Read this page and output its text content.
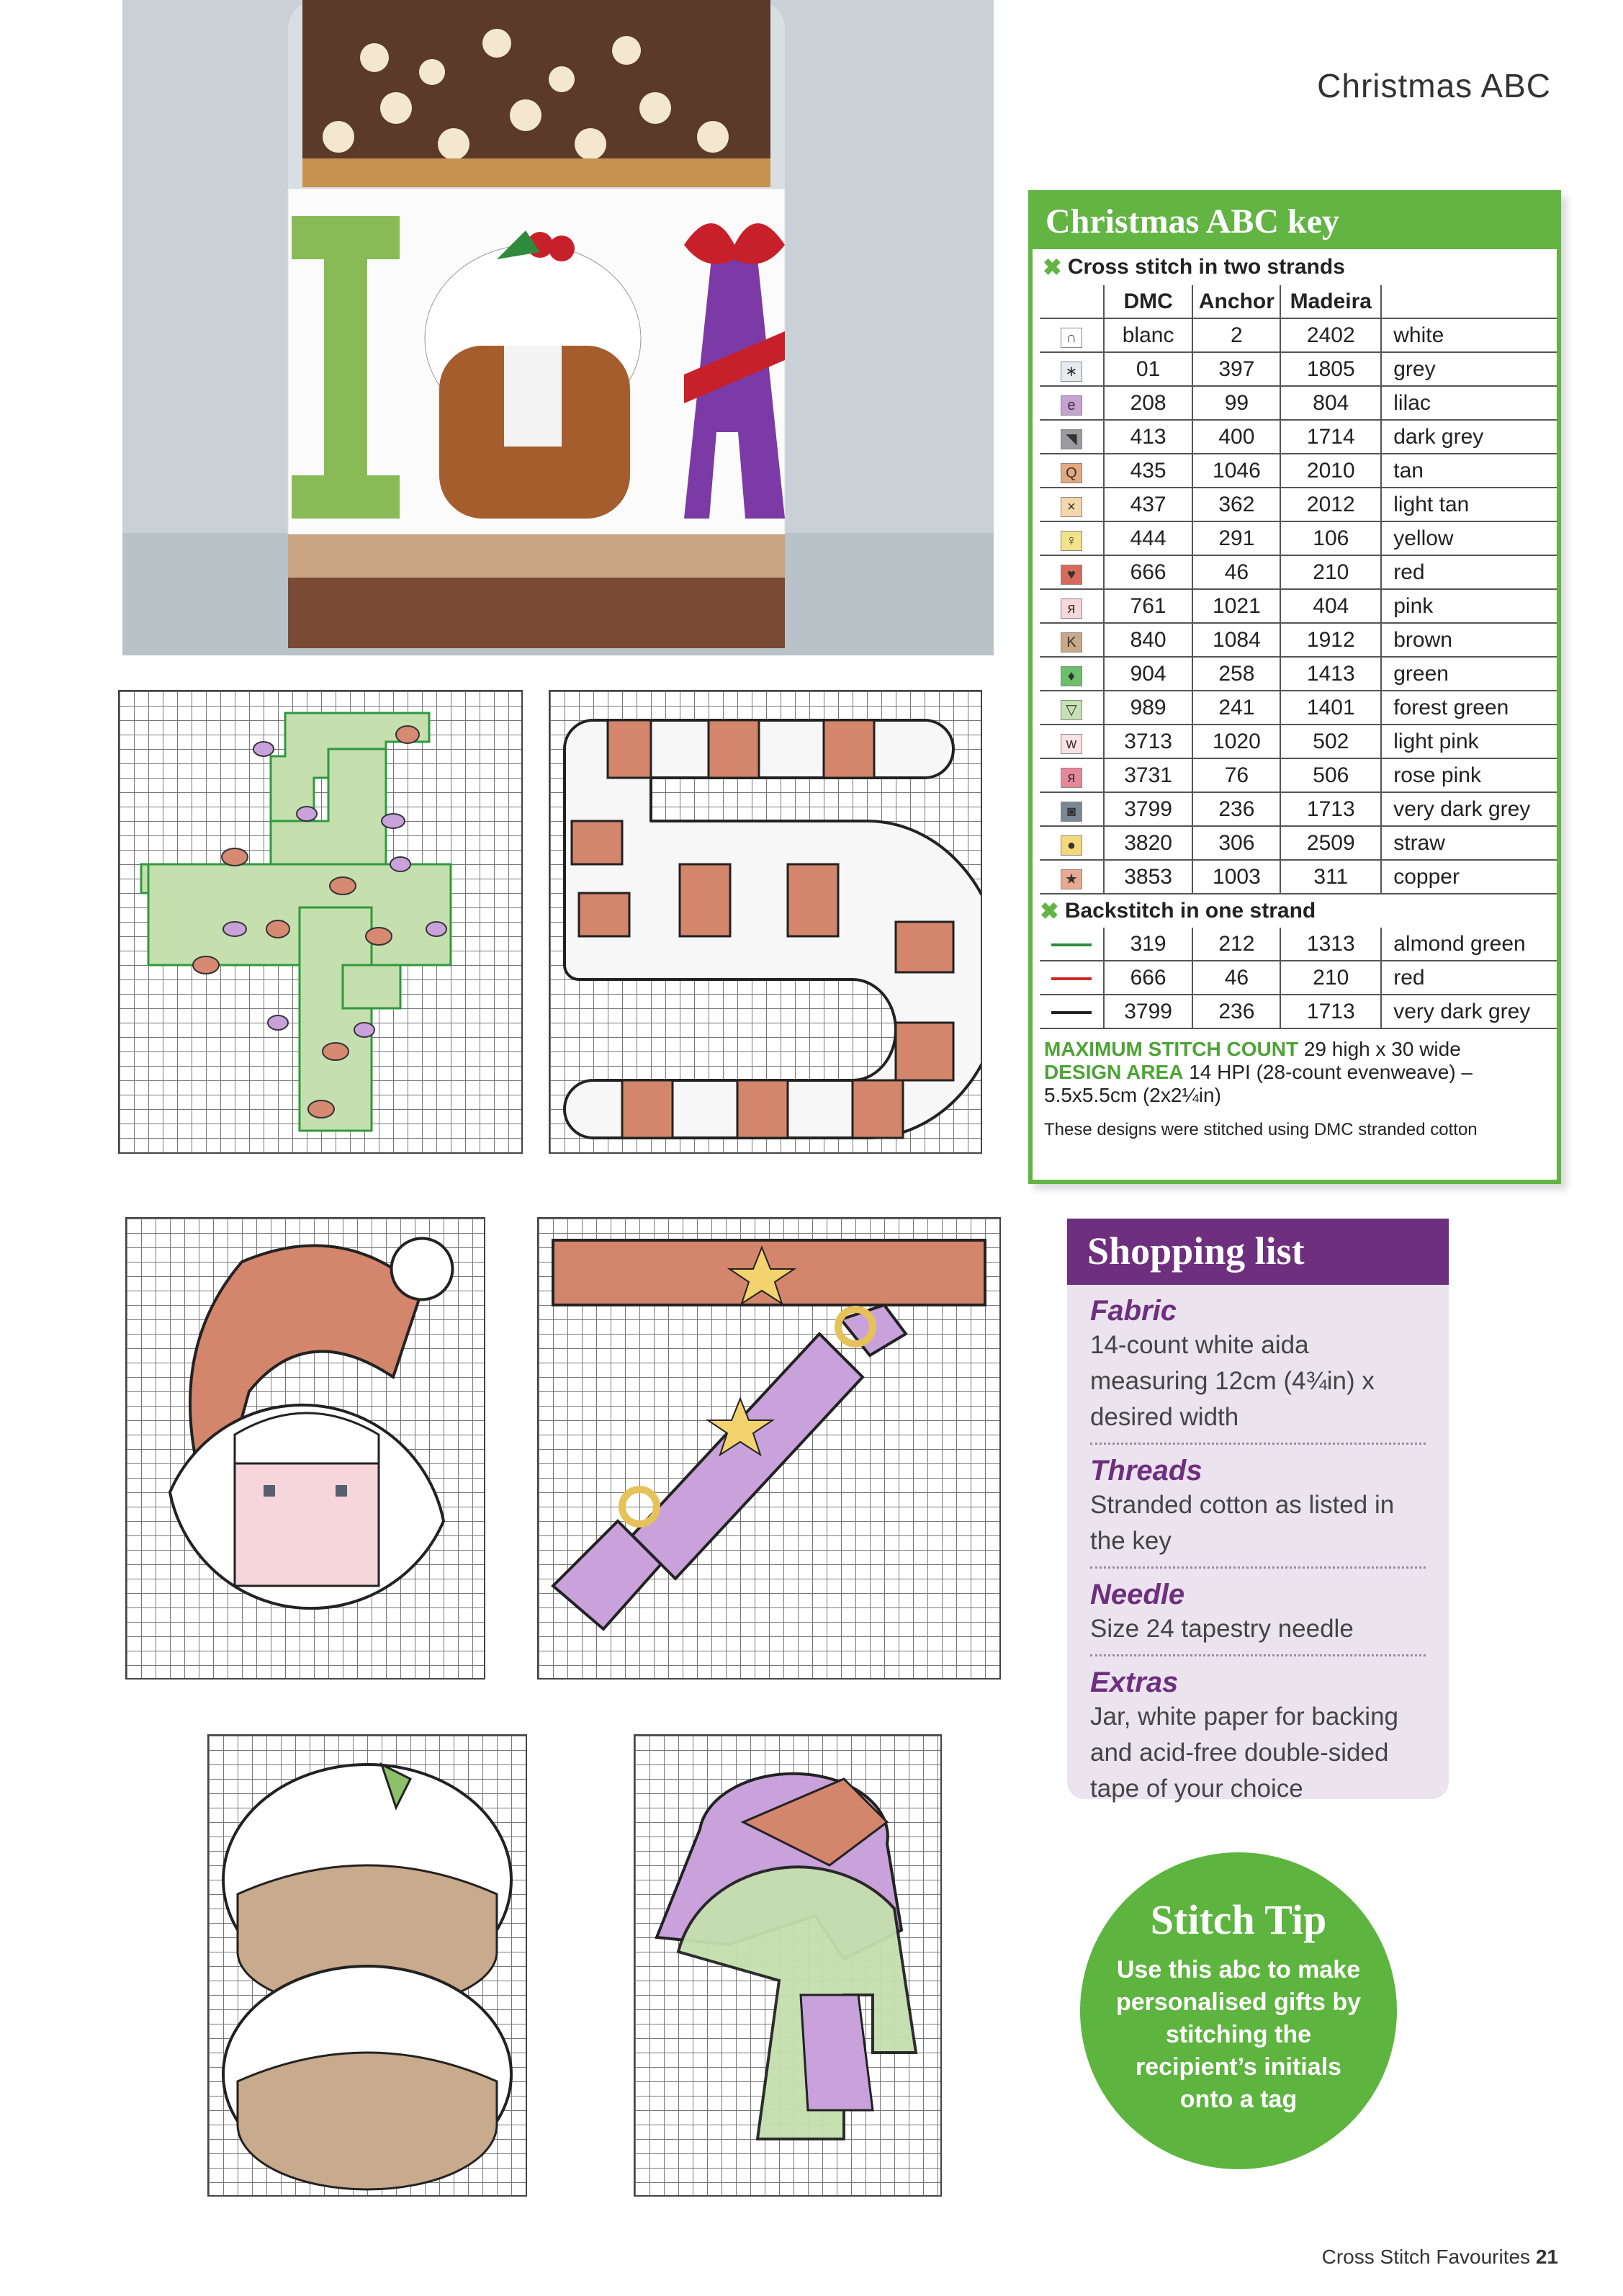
Christmas ABC
Christmas ABC key
✖ Cross stitch in two strands
	DMC	Anchor	Madeira	
∩	blanc	2	2402	white
∗	01	397	1805	grey
e	208	99	804	lilac
◥	413	400	1714	dark grey
Q	435	1046	2010	tan
×	437	362	2012	light tan
♀	444	291	106	yellow
♥	666	46	210	red
я	761	1021	404	pink
K	840	1084	1912	brown
♦	904	258	1413	green
▽	989	241	1401	forest green
w	3713	1020	502	light pink
я	3731	76	506	rose pink
◙	3799	236	1713	very dark grey
●	3820	306	2509	straw
★	3853	1003	311	copper

✖ Backstitch in one strand				

	319	212	1313	almond green
	666	46	210	red
	3799	236	1713	very dark grey
MAXIMUM STITCH COUNT 29 high x 30 wide
DESIGN AREA 14 HPI (28-count evenweave) – 5.5x5.5cm (2x2¼in)
These designs were stitched using DMC stranded cotton
Shopping list
Fabric
14-count white aida measuring 12cm (4¾in) x desired width
Threads
Stranded cotton as listed in the key
Needle
Size 24 tapestry needle
Extras
Jar, white paper for backing and acid-free double-sided tape of your choice
Stitch Tip
Use this abc to make personalised gifts by stitching the recipient’s initials onto a tag
Cross Stitch Favourites 21
